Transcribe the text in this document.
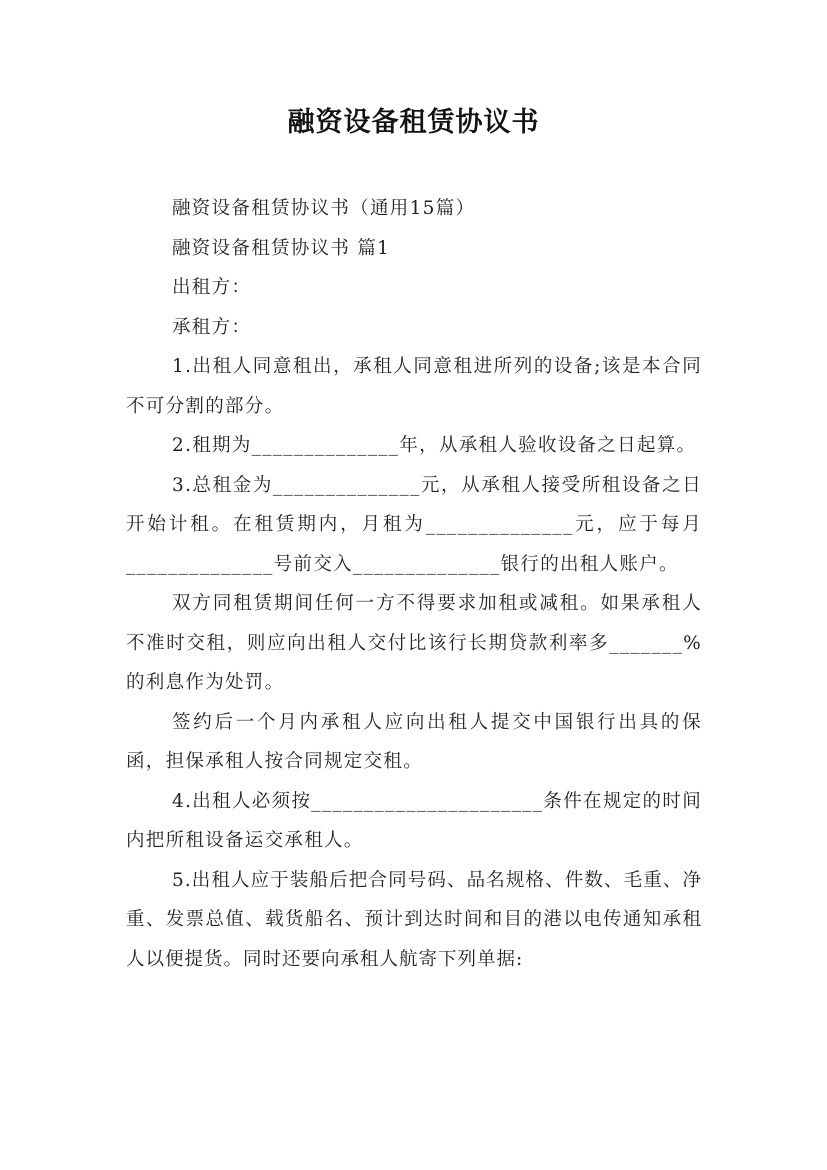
融资设备租赁协议书

融资设备租赁协议书（通用15篇）

融资设备租赁协议书 篇1

出租方：

承租方：

1.出租人同意租出，承租人同意租进所列的设备;该是本合同不可分割的部分。

2.租期为______________年，从承租人验收设备之日起算。

3.总租金为______________元，从承租人接受所租设备之日开始计租。在租赁期内，月租为______________元，应于每月______________号前交入______________银行的出租人账户。

双方同租赁期间任何一方不得要求加租或减租。如果承租人不准时交租，则应向出租人交付比该行长期贷款利率多_______%的利息作为处罚。

签约后一个月内承租人应向出租人提交中国银行出具的保函，担保承租人按合同规定交租。

4.出租人必须按______________________条件在规定的时间内把所租设备运交承租人。

5.出租人应于装船后把合同号码、品名规格、件数、毛重、净重、发票总值、载货船名、预计到达时间和目的港以电传通知承租人以便提货。同时还要向承租人航寄下列单据:
